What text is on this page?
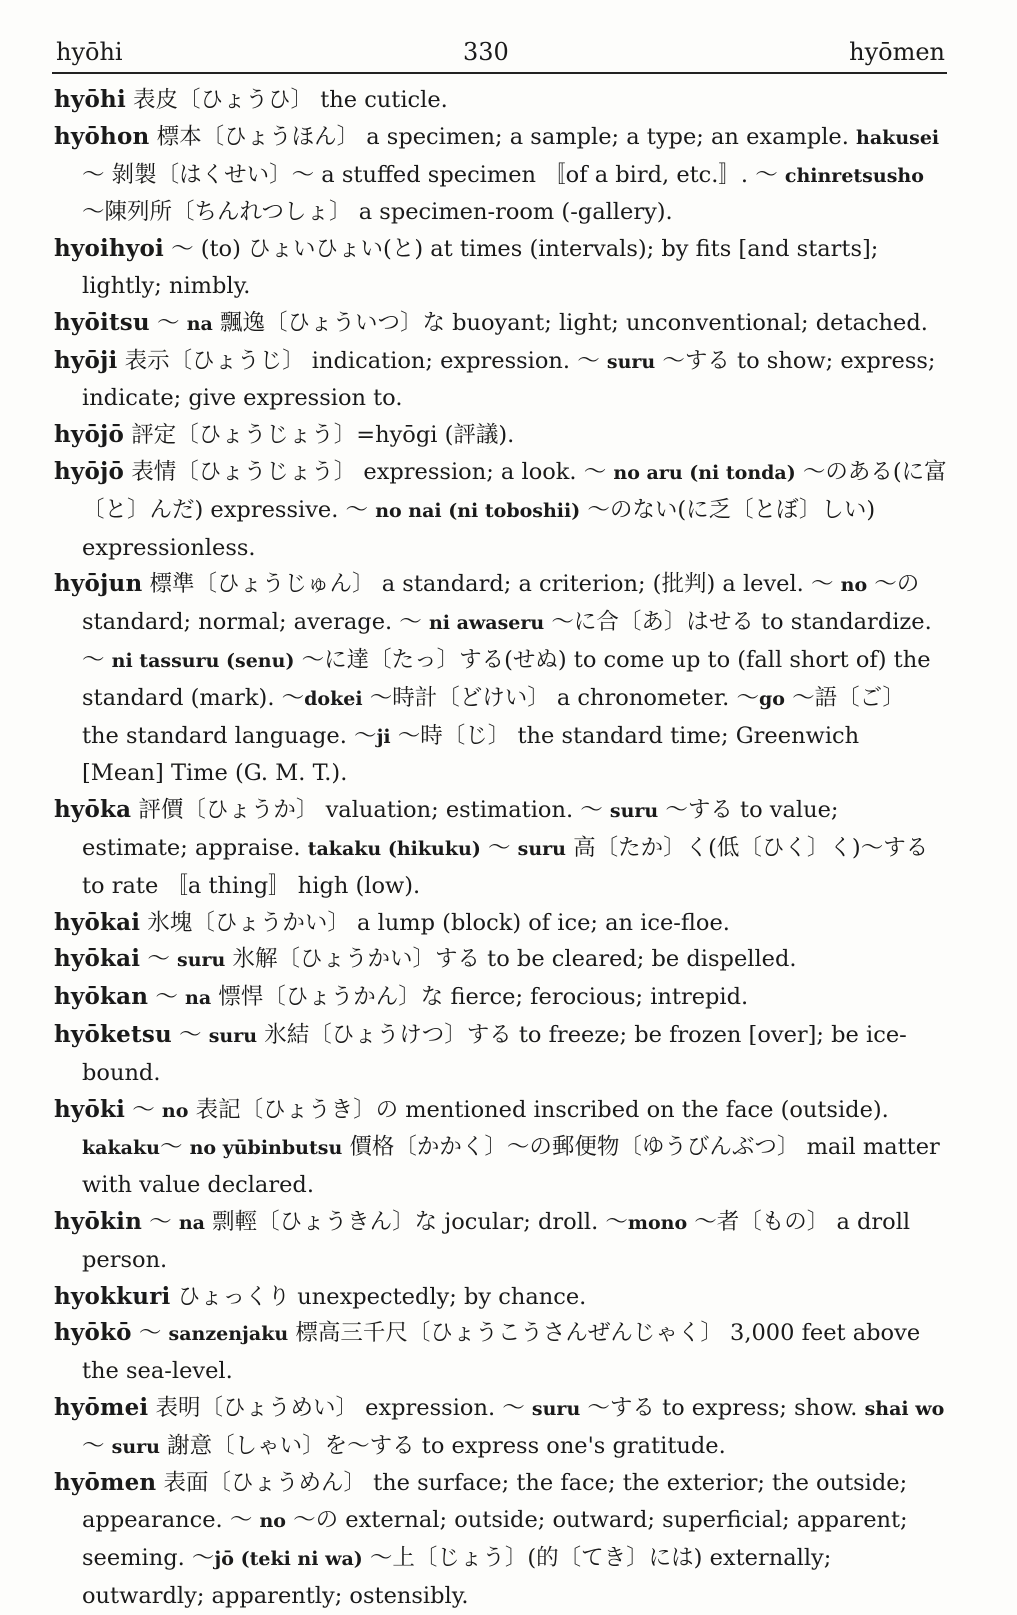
hyōhi	330	hyōmen
hyōhi 表皮〔ひょうひ〕 the cuticle.
hyōhon 標本〔ひょうほん〕 a specimen; a sample; a type; an example. hakusei ～ 剝製〔はくせい〕～ a stuffed specimen 〚of a bird, etc.〛. ～ chinretsusho ～陳列所〔ちんれつしょ〕 a specimen-room (-gallery).
hyoihyoi ～ (to) ひょいひょい(と) at times (intervals); by fits [and starts]; lightly; nimbly.
hyōitsu ～ na 飄逸〔ひょういつ〕な buoyant; light; unconventional; detached.
hyōji 表示〔ひょうじ〕 indication; expression. ～ suru ～する to show; express; indicate; give expression to.
hyōjō 評定〔ひょうじょう〕=hyōgi (評議).
hyōjō 表情〔ひょうじょう〕 expression; a look. ～ no aru (ni tonda) ～のある(に富〔と〕んだ) expressive. ～ no nai (ni toboshii) ～のない(に乏〔とぼ〕しい) expressionless.
hyōjun 標準〔ひょうじゅん〕 a standard; a criterion; (批判) a level. ～ no ～の standard; normal; average. ～ ni awaseru ～に合〔あ〕はせる to standardize. ～ ni tassuru (senu) ～に達〔たっ〕する(せぬ) to come up to (fall short of) the standard (mark). ～dokei ～時計〔どけい〕 a chronometer. ～go ～語〔ご〕 the standard language. ～ji ～時〔じ〕 the standard time; Greenwich [Mean] Time (G. M. T.).
hyōka 評價〔ひょうか〕 valuation; estimation. ～ suru ～する to value; estimate; appraise. takaku (hikuku) ～ suru 高〔たか〕く(低〔ひく〕く)～する to rate 〚a thing〛 high (low).
hyōkai 氷塊〔ひょうかい〕 a lump (block) of ice; an ice-floe.
hyōkai ～ suru 氷解〔ひょうかい〕する to be cleared; be dispelled.
hyōkan ～ na 慓悍〔ひょうかん〕な fierce; ferocious; intrepid.
hyōketsu ～ suru 氷結〔ひょうけつ〕する to freeze; be frozen [over]; be ice-bound.
hyōki ～ no 表記〔ひょうき〕の mentioned inscribed on the face (outside). kakaku～ no yūbinbutsu 價格〔かかく〕～の郵便物〔ゆうびんぶつ〕 mail matter with value declared.
hyōkin ～ na 剽輕〔ひょうきん〕な jocular; droll. ～mono ～者〔もの〕 a droll person.
hyokkuri ひょっくり unexpectedly; by chance.
hyōkō ～ sanzenjaku 標高三千尺〔ひょうこうさんぜんじゃく〕 3,000 feet above the sea-level.
hyōmei 表明〔ひょうめい〕 expression. ～ suru ～する to express; show. shai wo ～ suru 謝意〔しゃい〕を～する to express one's gratitude.
hyōmen 表面〔ひょうめん〕 the surface; the face; the exterior; the outside; appearance. ～ no ～の external; outside; outward; superficial; apparent; seeming. ～jō (teki ni wa) ～上〔じょう〕(的〔てき〕には) externally; outwardly; apparently; ostensibly.
